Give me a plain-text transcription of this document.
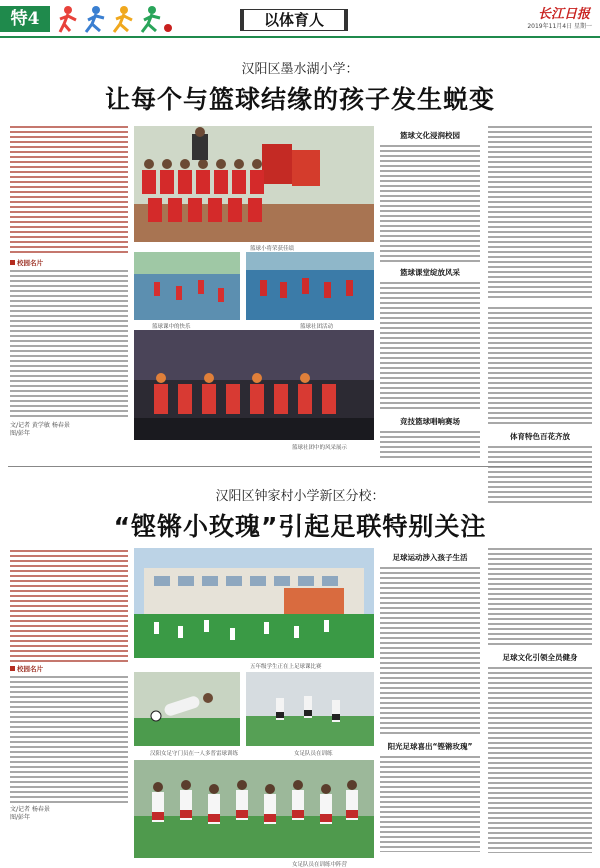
特4	以体育人	长江日报
2019年11月4日 星期一
汉阳区墨水湖小学：
让每个与篮球结缘的孩子发生蜕变
校园名片
文/记者 黄学敏 杨春景
图/彭年
篮球小将荣获佳绩
篮球课中的快乐	篮球社团活动
篮球社团中的风采展示
篮球文化浸润校园
篮球课堂绽放风采
竞技篮球唱响赛场
体育特色百花齐放
汉阳区钟家村小学新区分校：
“铿锵小玫瑰”引起足联特别关注
校园名片
文/记者 杨春景
图/彭年
五年级学生正在上足球课比赛
汉阳女足守门员在一人多普雷球训练	女足队员在训练
女足队员在训练中阵营
足球运动涉入孩子生活
阳光足球喜出“铿锵玫瑰”
足球文化引领全员健身
